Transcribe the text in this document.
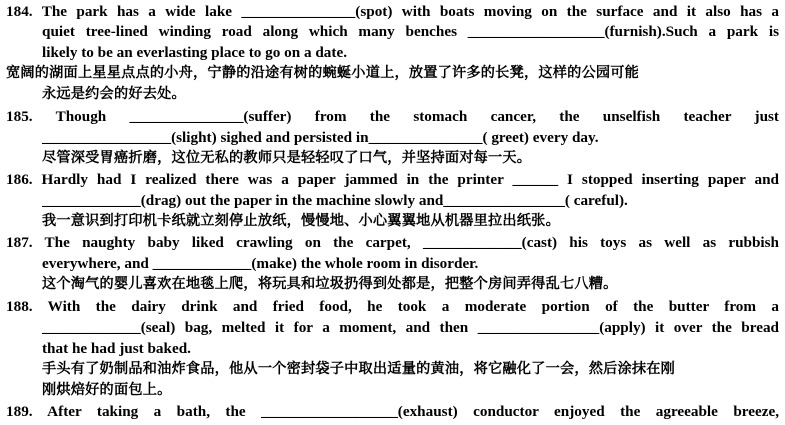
184. The park has a wide lake _______________(spot) with boats moving on the surface and it also has a
quiet tree-lined winding road along which many benches __________________(furnish).Such a park is
likely to be an everlasting place to go on a date.
宽阔的湖面上星星点点的小舟，宁静的沿途有树的蜿蜒小道上，放置了许多的长凳，这样的公园可能
永远是约会的好去处。
185. Though _______________(suffer) from the stomach cancer, the unselfish teacher just
_________________(slight) sighed and persisted in_______________( greet) every day.
尽管深受胃癌折磨，这位无私的教师只是轻轻叹了口气，并坚持面对每一天。
186. Hardly had I realized there was a paper jammed in the printer ______ I stopped inserting paper and
_____________(drag) out the paper in the machine slowly and________________( careful).
我一意识到打印机卡纸就立刻停止放纸，慢慢地、小心翼翼地从机器里拉出纸张。
187. The naughty baby liked crawling on the carpet, _____________(cast) his toys as well as rubbish
everywhere, and _____________(make) the whole room in disorder.
这个淘气的婴儿喜欢在地毯上爬，将玩具和垃圾扔得到处都是，把整个房间弄得乱七八糟。
188. With the dairy drink and fried food, he took a moderate portion of the butter from a
_____________(seal) bag, melted it for a moment, and then ________________(apply) it over the bread
that he had just baked.
手头有了奶制品和油炸食品，他从一个密封袋子中取出适量的黄油，将它融化了一会，然后涂抹在刚
刚烘焙好的面包上。
189. After taking a bath, the __________________(exhaust) conductor enjoyed the agreeable breeze,
